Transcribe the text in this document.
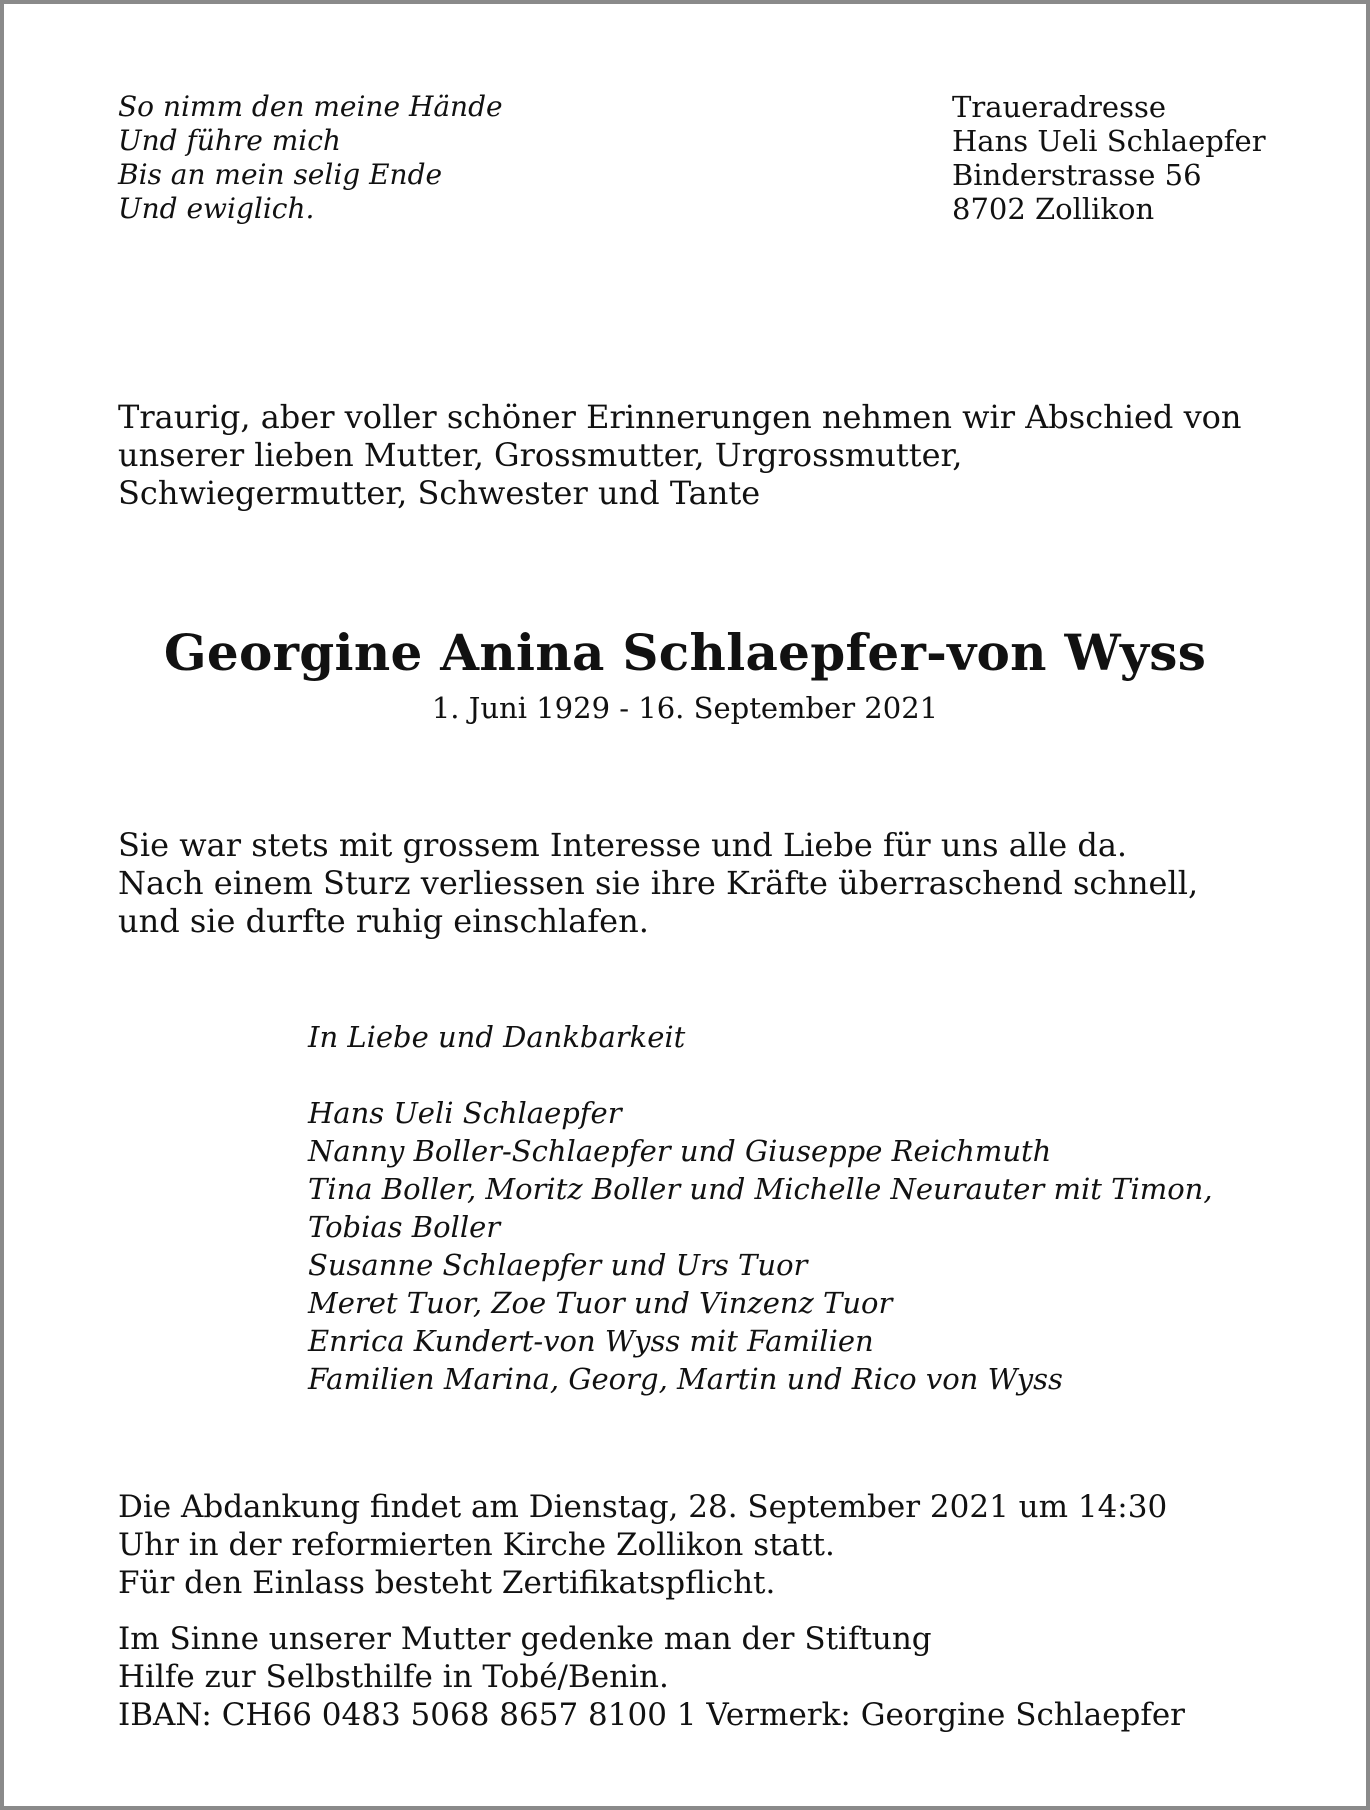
So nimm den meine Hände
Und führe mich
Bis an mein selig Ende
Und ewiglich.
Traueradresse
Hans Ueli Schlaepfer
Binderstrasse 56
8702 Zollikon
Traurig, aber voller schöner Erinnerungen nehmen wir Abschied von
unserer lieben Mutter, Grossmutter, Urgrossmutter,
Schwiegermutter, Schwester und Tante
Georgine Anina Schlaepfer-von Wyss
1. Juni 1929 - 16. September 2021
Sie war stets mit grossem Interesse und Liebe für uns alle da.
Nach einem Sturz verliessen sie ihre Kräfte überraschend schnell,
und sie durfte ruhig einschlafen.
In Liebe und Dankbarkeit
Hans Ueli Schlaepfer
Nanny Boller-Schlaepfer und Giuseppe Reichmuth
Tina Boller, Moritz Boller und Michelle Neurauter mit Timon,
Tobias Boller
Susanne Schlaepfer und Urs Tuor
Meret Tuor, Zoe Tuor und Vinzenz Tuor
Enrica Kundert-von Wyss mit Familien
Familien Marina, Georg, Martin und Rico von Wyss
Die Abdankung findet am Dienstag, 28. September 2021 um 14:30
Uhr in der reformierten Kirche Zollikon statt.
Für den Einlass besteht Zertifikatspflicht.
Im Sinne unserer Mutter gedenke man der Stiftung
Hilfe zur Selbsthilfe in Tobé/Benin.
IBAN: CH66 0483 5068 8657 8100 1 Vermerk: Georgine Schlaepfer
